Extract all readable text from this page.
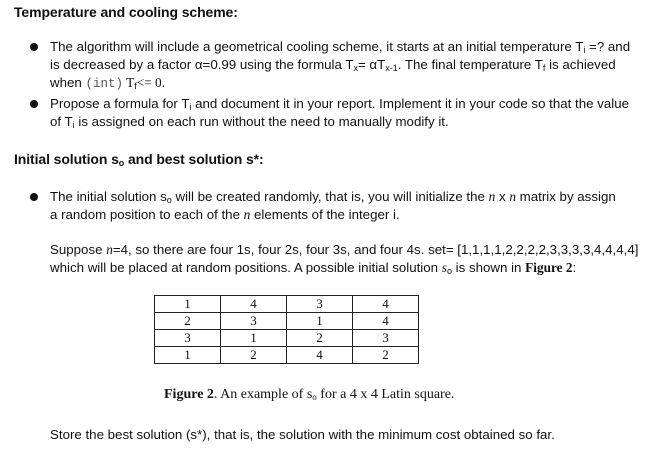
Temperature and cooling scheme:
The algorithm will include a geometrical cooling scheme, it starts at an initial temperature $T_i$ =? and
is decreased by a factor α=0.99 using the formula $T_x= \alpha T_{x-1}$. The final temperature $T_f$ is achieved
when (int) $T_f<= 0$.
Propose a formula for $T_i$ and document it in your report. Implement it in your code so that the value
of $T_i$ is assigned on each run without the need to manually modify it.
Initial solution $s_o$ and best solution s*:
The initial solution $s_o$ will be created randomly, that is, you will initialize the n x n matrix by assign
a random position to each of the n elements of the integer i.
Suppose n=4, so there are four 1s, four 2s, four 3s, and four 4s. set= [1,1,1,1,2,2,2,2,3,3,3,3,4,4,4,4]
which will be placed at random positions. A possible initial solution $s_o$ is shown in Figure 2:
1	4	3	4
2	3	1	4
3	1	2	3
1	2	4	2
Figure 2. An example of $s_o$ for a 4 x 4 Latin square.
Store the best solution (s*), that is, the solution with the minimum cost obtained so far.
